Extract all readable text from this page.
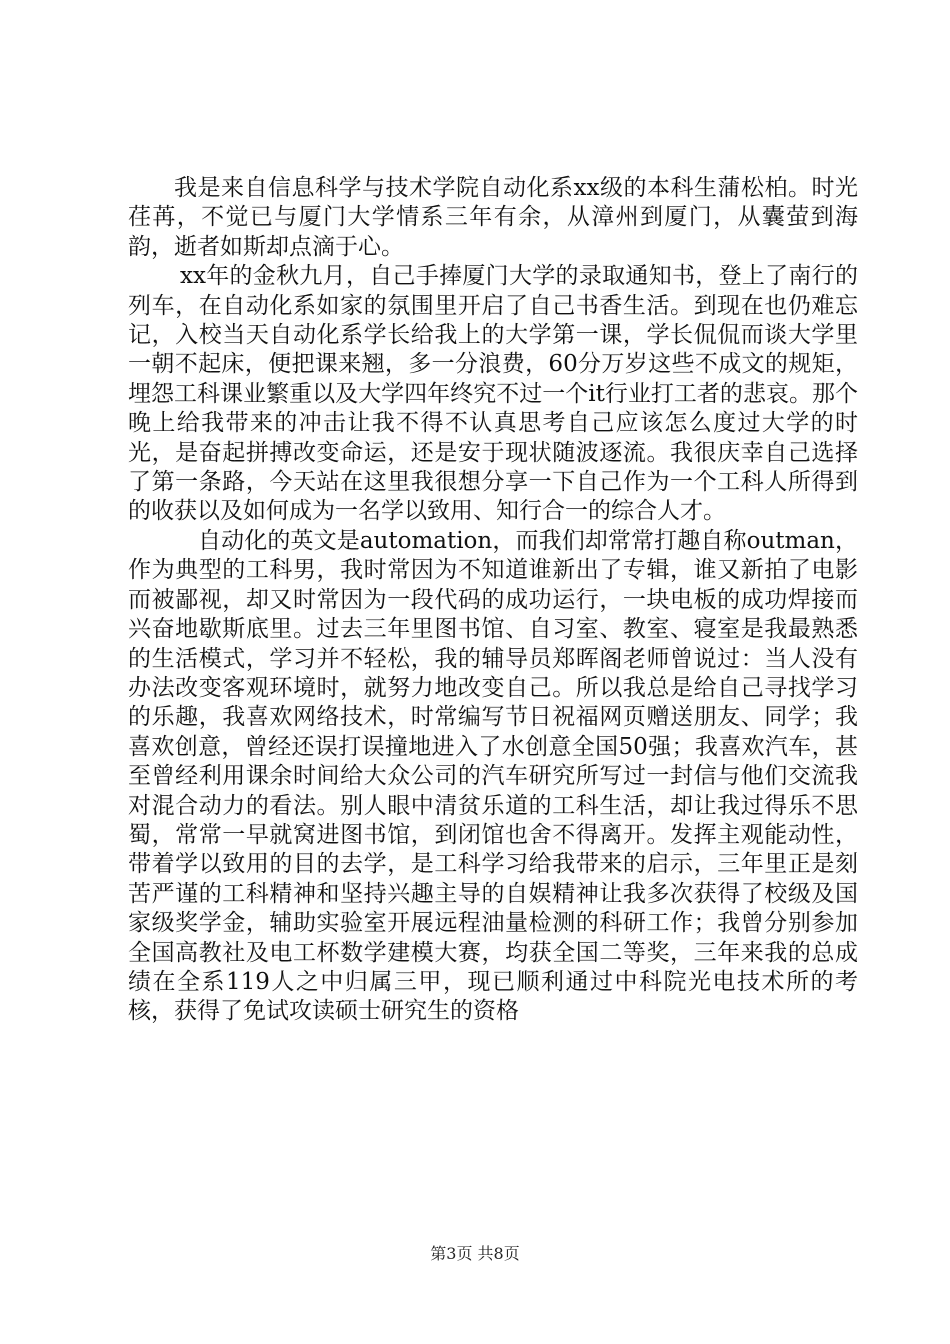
我是来自信息科学与技术学院自动化系xx级的本科生蒲松柏。时光荏苒，不觉已与厦门大学情系三年有余，从漳州到厦门，从囊萤到海韵，逝者如斯却点滴于心。

xx年的金秋九月，自己手捧厦门大学的录取通知书，登上了南行的列车，在自动化系如家的氛围里开启了自己书香生活。到现在也仍难忘记，入校当天自动化系学长给我上的大学第一课，学长侃侃而谈大学里一朝不起床，便把课来翘，多一分浪费，60分万岁这些不成文的规矩，埋怨工科课业繁重以及大学四年终究不过一个it行业打工者的悲哀。那个晚上给我带来的冲击让我不得不认真思考自己应该怎么度过大学的时光，是奋起拼搏改变命运，还是安于现状随波逐流。我很庆幸自己选择了第一条路，今天站在这里我很想分享一下自己作为一个工科人所得到的收获以及如何成为一名学以致用、知行合一的综合人才。

自动化的英文是automation，而我们却常常打趣自称outman，作为典型的工科男，我时常因为不知道谁新出了专辑，谁又新拍了电影而被鄙视，却又时常因为一段代码的成功运行，一块电板的成功焊接而兴奋地歇斯底里。过去三年里图书馆、自习室、教室、寝室是我最熟悉的生活模式，学习并不轻松，我的辅导员郑晖阁老师曾说过：当人没有办法改变客观环境时，就努力地改变自己。所以我总是给自己寻找学习的乐趣，我喜欢网络技术，时常编写节日祝福网页赠送朋友、同学；我喜欢创意，曾经还误打误撞地进入了水创意全国50强；我喜欢汽车，甚至曾经利用课余时间给大众公司的汽车研究所写过一封信与他们交流我对混合动力的看法。别人眼中清贫乐道的工科生活，却让我过得乐不思蜀，常常一早就窝进图书馆，到闭馆也舍不得离开。发挥主观能动性，带着学以致用的目的去学，是工科学习给我带来的启示，三年里正是刻苦严谨的工科精神和坚持兴趣主导的自娱精神让我多次获得了校级及国家级奖学金，辅助实验室开展远程油量检测的科研工作；我曾分别参加全国高教社及电工杯数学建模大赛，均获全国二等奖，三年来我的总成绩在全系119人之中归属三甲，现已顺利通过中科院光电技术所的考核，获得了免试攻读硕士研究生的资格

第3页 共8页
